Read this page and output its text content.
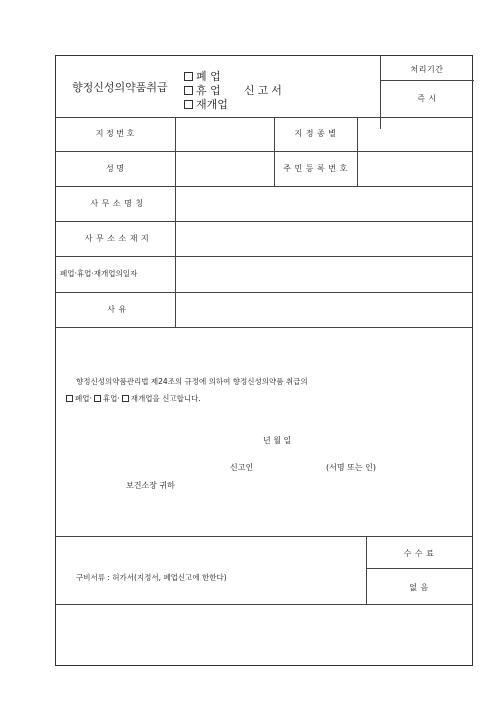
향정신성의약품취급
폐 업
휴 업 신고서
재개업
처리기간
즉 시
지 정 번 호	지 정 종 별
성 명	주 민 등 록 번 호
사 무 소 명 칭
사 무 소 소 재 지
폐업·휴업·재개업의일자
사 유
향정신성의약품관리법 제24조의 규정에 의하여 향정신성의약품 취급의
폐업· 휴업· 재개업을 신고합니다.
년 월 일
신고인	(서명 또는 인)
보건소장 귀하
구비서류 : 허가서(지정서, 폐업신고에 한한다)
수 수 료
없 음
